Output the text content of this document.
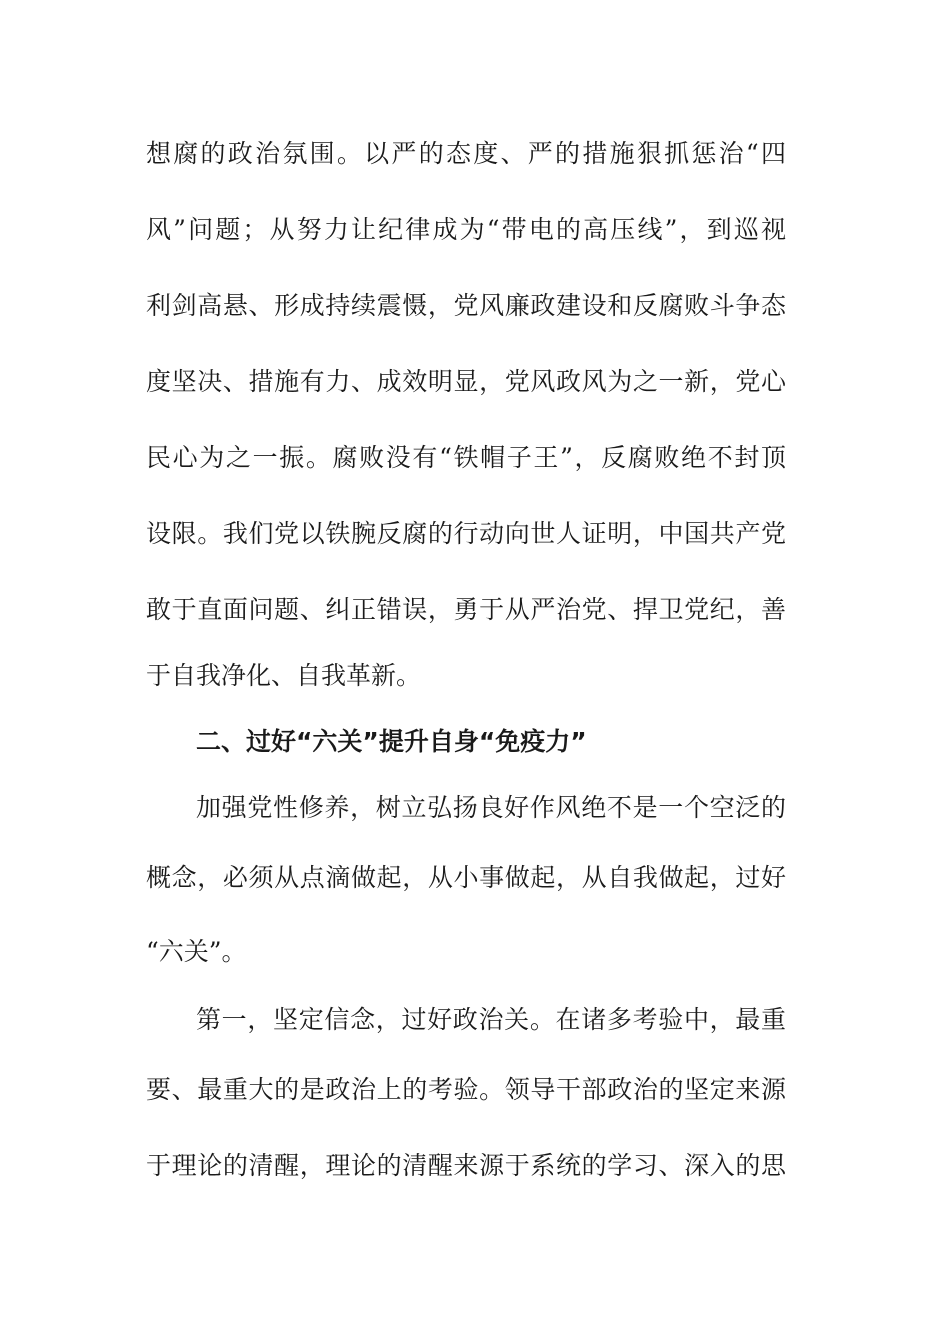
想腐的政治氛围。以严的态度、严的措施狠抓惩治“四

风”问题；从努力让纪律成为“带电的高压线”，到巡视

利剑高悬、形成持续震慑，党风廉政建设和反腐败斗争态

度坚决、措施有力、成效明显，党风政风为之一新，党心

民心为之一振。腐败没有“铁帽子王”，反腐败绝不封顶

设限。我们党以铁腕反腐的行动向世人证明，中国共产党

敢于直面问题、纠正错误，勇于从严治党、捍卫党纪，善

于自我净化、自我革新。

二、过好“六关”提升自身“免疫力”

加强党性修养，树立弘扬良好作风绝不是一个空泛的

概念，必须从点滴做起，从小事做起，从自我做起，过好

“六关”。

第一，坚定信念，过好政治关。在诸多考验中，最重

要、最重大的是政治上的考验。领导干部政治的坚定来源

于理论的清醒，理论的清醒来源于系统的学习、深入的思
